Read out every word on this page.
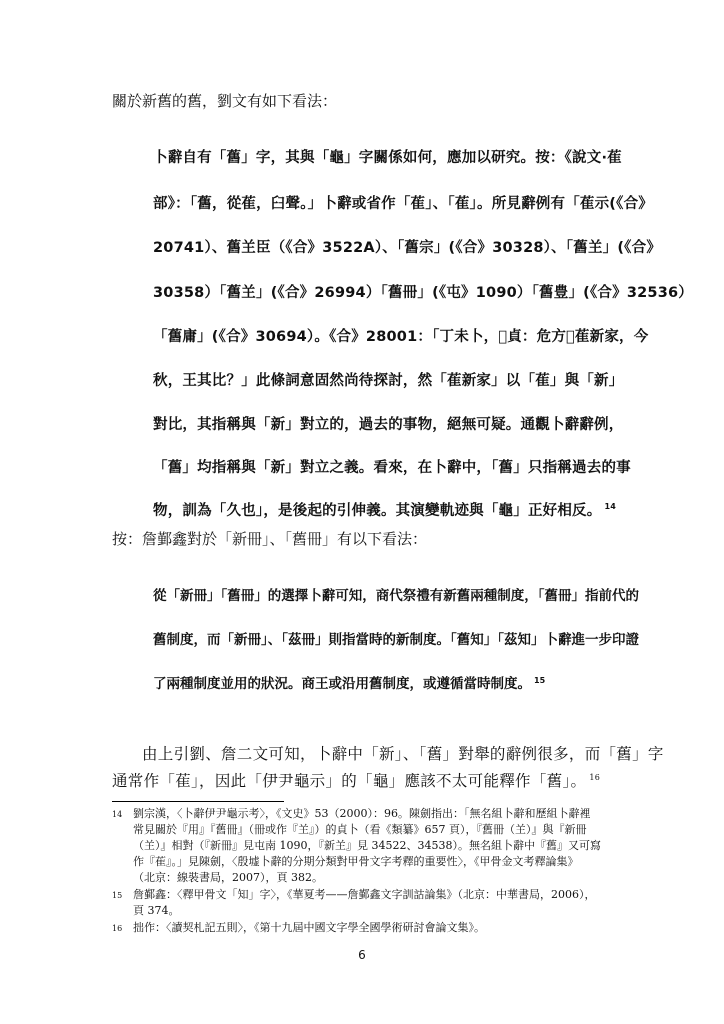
關於新舊的舊，劉文有如下看法：
卜辭自有「舊」字，其與「龜」字關係如何，應加以研究。按：《說文·萑
部》：「舊，從萑，臼聲。」卜辭或省作「萑」、「萑」。所見辭例有「萑示(《合》
20741）、舊𦍌臣（《合》3522A）、「舊宗」(《合》30328）、「舊𦍌」(《合》
30358）「舊𦍌」(《合》26994）「舊冊」(《屯》1090）「舊豊」(《合》32536）
「舊庸」(《合》30694）。《合》28001：「丁未卜，𠱿貞：危方𠧹萑新家，今
秋，王其比？」此條詞意固然尚待探討，然「萑新家」以「萑」與「新」
對比，其指稱與「新」對立的，過去的事物，絕無可疑。通觀卜辭辭例，
「舊」均指稱與「新」對立之義。看來，在卜辭中，「舊」只指稱過去的事
物，訓為「久也」，是後起的引伸義。其演變軌迹與「龜」正好相反。 $^{14}$
按：詹鄞鑫對於「新冊」、「舊冊」有以下看法：
從「新冊」「舊冊」的選擇卜辭可知，商代祭禮有新舊兩種制度，「舊冊」指前代的
舊制度，而「新冊」、「茲冊」則指當時的新制度。「舊知」「茲知」卜辭進一步印證
了兩種制度並用的狀況。商王或沿用舊制度，或遵循當時制度。 $^{15}$
由上引劉、詹二文可知，卜辭中「新」、「舊」對舉的辭例很多，而「舊」字
通常作「萑」，因此「伊尹龜示」的「龜」應該不太可能釋作「舊」。 $^{16}$
14 劉宗漢，〈卜辭伊尹龜示考〉，《文史》53（2000）：96。陳劍指出：「無名組卜辭和歷組卜辭裡
常見關於『用』『舊冊』（冊或作『𦍌』）的貞卜（看《類纂》657 頁），『舊冊（𦍌）』與『新冊
（𦍌）』相對（『新冊』見屯南 1090，『新𦍌』見 34522、34538）。無名組卜辭中『舊』又可寫
作『萑』。」見陳劍，〈殷墟卜辭的分期分類對甲骨文字考釋的重要性〉，《甲骨金文考釋論集》
（北京：線裝書局，2007），頁 382。
15 詹鄞鑫：〈釋甲骨文「知」字〉，《華夏考——詹鄞鑫文字訓詁論集》（北京：中華書局，2006），
頁 374。
16 拙作：〈讀契札記五則〉，《第十九屆中國文字學全國學術研討會論文集》。
6
